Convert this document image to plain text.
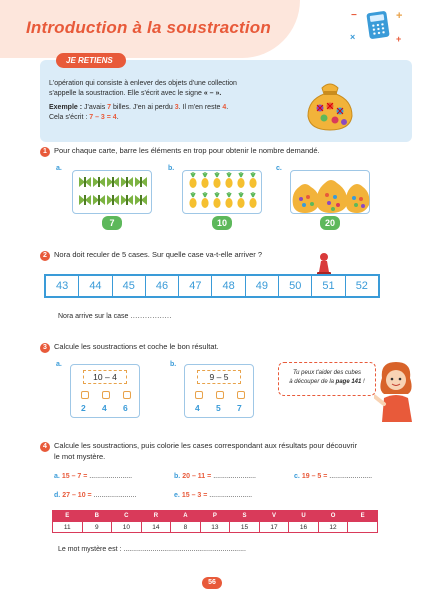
Introduction à la soustraction
−	+
×	+
JE RETIENS
L'opération qui consiste à enlever des objets d'une collection
s'appelle la soustraction. Elle s'écrit avec le signe « – ».
Exemple : J'avais 7 billes. J'en ai perdu 3. Il m'en reste 4.
Cela s'écrit : 7 – 3 = 4.
1 Pour chaque carte, barre les éléments en trop pour obtenir le nombre demandé.
a.
7
b.
10
c.
20
2 Nora doit reculer de 5 cases. Sur quelle case va-t-elle arriver ?
43	44	45	46	47	48	49	50	51	52
Nora arrive sur la case .................
3 Calcule les soustractions et coche le bon résultat.
a.
10 – 4
2 4 6
b.
9 – 5
4 5 7
Tu peux t'aider des cubes
à découper de la page 141 !
4 Calcule les soustractions, puis colorie les cases correspondant aux résultats pour découvrir
le mot mystère.
a. 15 – 7 = ......................	b. 20 – 11 = ......................	c. 19 – 5 = ......................
d. 27 – 10 = ......................	e. 15 – 3 = ......................
E	B	C	R	A	P	S	V	U	O	E
11	9	10	14	8	13	15	17	16	12	
Le mot mystère est : ...............................................................
56
